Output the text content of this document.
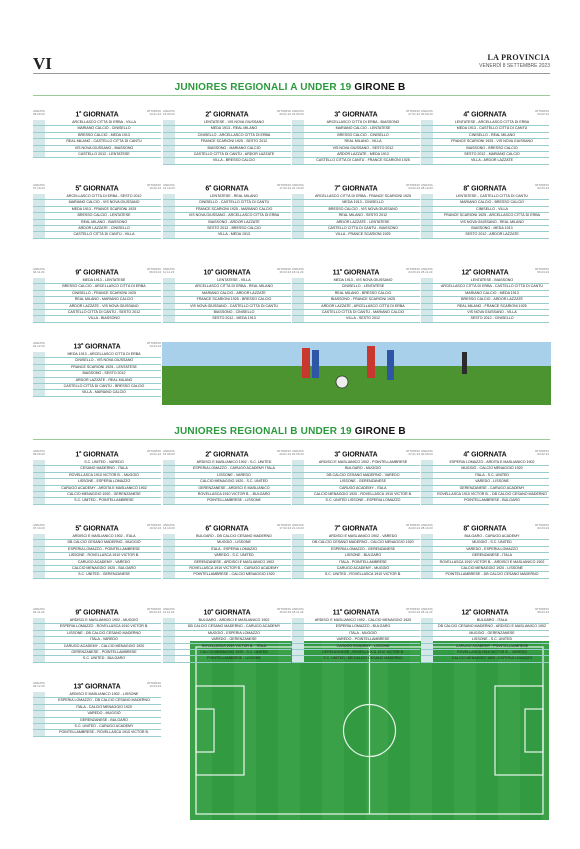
VI	LA PROVINCIA
VENERDÌ 8 SETTEMBRE 2023
JUNIORES REGIONALI A UNDER 19 GIRONE B
JUNIORES REGIONALI B UNDER 19 GIRONE B
ANDATA
09.09.23	1$^a$ GIORNATA
RITORNO
13.01.24
ARCELLASCO CITTÀ DI ERBA - VILLA
MARIANO CALCIO - CINISELLO
BRESSO CALCIO - MEDA 1913
REAL MILANO - CASTELLO CITTÀ DI CANTÙ
VIS NOVA GIUSSANO - BIASSONO
CASTELLO 2012 - LENTATESE
ANDATA
16.09.23	2$^a$ GIORNATA
RITORNO
20.01.24
LENTATESE - VIS NOVA GIUSSANO
MEDA 1913 - REAL MILANO
CINISELLO - ARCELLASCO CITTÀ DI ERBA
FRANCE SCARIONI 1925 - SESTO 2012
BIASSONO - MARIANO CALCIO
CASTELLO CITTÀ DI CANTÙ - ARDOR LAZZATE
VILLA - BRESSO CALCIO
ANDATA
23.09.23	3$^a$ GIORNATA
RITORNO
27.01.24
ARCELLASCO CITTÀ DI ERBA - BIASSONO
MARIANO CALCIO - LENTATESE
BRESSO CALCIO - CINISELLO
REAL MILANO - VILLA
VIS NOVA GIUSSANO - SESTO 2012
ARDOR LAZZATE - MEDA 1913
CASTELLO CITTÀ DI CANTÙ - FRANCE SCARIONI 1925
ANDATA
30.09.23	4$^a$ GIORNATA
RITORNO
03.02.24
LENTATESE - ARCELLASCO CITTÀ DI ERBA
MEDA 1913 - CASTELLO CITTÀ DI CANTÙ
CINISELLO - REAL MILANO
FRANCE SCARIONI 1925 - VIS NOVA GIUSSANO
BIASSONO - BRESSO CALCIO
SESTO 2012 - MARIANO CALCIO
VILLA - ARDOR LAZZATE
ANDATA
07.10.23	5$^a$ GIORNATA
RITORNO
10.02.24
ARCELLASCO CITTÀ DI ERBA - SESTO 2012
MARIANO CALCIO - VIS NOVA GIUSSANO
MEDA 1913 - FRANCE SCARIONI 1925
BRESSO CALCIO - LENTATESE
REAL MILANO - BIASSONO
ARDOR LAZZATE - CINISELLO
CASTELLO CITTÀ DI CANTÙ - VILLA
ANDATA
14.10.23	6$^a$ GIORNATA
RITORNO
17.02.24
LENTATESE - REAL MILANO
CINISELLO - CASTELLO CITTÀ DI CANTÙ
FRANCE SCARIONI 1925 - MARIANO CALCIO
VIS NOVA GIUSSANO - ARCELLASCO CITTÀ DI ERBA
BIASSONO - ARDOR LAZZATE
SESTO 2012 - BRESSO CALCIO
VILLA - MEDA 1913
ANDATA
21.10.23	7$^a$ GIORNATA
RITORNO
24.02.24
ARCELLASCO CITTÀ DI ERBA - FRANCE SCARIONI 1925
MEDA 1913 - CINISELLO
BRESSO CALCIO - VIS NOVA GIUSSANO
REAL MILANO - SESTO 2012
ARDOR LAZZATE - LENTATESE
CASTELLO CITTÀ DI CANTÙ - BIASSONO
VILLA - FRANCE SCARIONI 1925
ANDATA
28.10.23	8$^a$ GIORNATA
RITORNO
02.03.24
LENTATESE - CASTELLO CITTÀ DI CANTÙ
MARIANO CALCIO - BRESSO CALCIO
CINISELLO - VILLA
FRANCE SCARIONI 1925 - ARCELLASCO CITTÀ DI ERBA
VIS NOVA GIUSSANO - REAL MILANO
BIASSONO - MEDA 1913
SESTO 2012 - ARDOR LAZZATE
ANDATA
04.11.23	9$^a$ GIORNATA
RITORNO
09.03.24
MEDA 1913 - LENTATESE
BRESSO CALCIO - ARCELLASCO CITTÀ DI ERBA
CINISELLO - FRANCE SCARIONI 1925
REAL MILANO - MARIANO CALCIO
ARDOR LAZZATE - VIS NOVA GIUSSANO
CASTELLO CITTÀ DI CANTÙ - SESTO 2012
VILLA - BIASSONO
ANDATA
11.11.23	10$^a$ GIORNATA
RITORNO
16.03.24
LENTATESE - VILLA
ARCELLASCO CITTÀ DI ERBA - REAL MILANO
MARIANO CALCIO - ARDOR LAZZATE
FRANCE SCARIONI 1925 - BRESSO CALCIO
VIS NOVA GIUSSANO - CASTELLO CITTÀ DI CANTÙ
BIASSONO - CINISELLO
SESTO 2012 - MEDA 1913
ANDATA
18.11.23	11$^a$ GIORNATA
RITORNO
23.03.24
MEDA 1913 - VIS NOVA GIUSSANO
CINISELLO - LENTATESE
REAL MILANO - BRESSO CALCIO
BIASSONO - FRANCE SCARIONI 1925
ARDOR LAZZATE - ARCELLASCO CITTÀ DI ERBA
CASTELLO CITTÀ DI CANTÙ - MARIANO CALCIO
VILLA - SESTO 2012
ANDATA
25.11.23	12$^a$ GIORNATA
RITORNO
06.04.24
LENTATESE - BIASSONO
ARCELLASCO CITTÀ DI ERBA - CASTELLO CITTÀ DI CANTÙ
MARIANO CALCIO - MEDA 1913
BRESSO CALCIO - ARDOR LAZZATE
REAL MILANO - FRANCE SCARIONI 1925
VIS NOVA GIUSSANO - VILLA
SESTO 2012 - CINISELLO
ANDATA
02.12.23	13$^a$ GIORNATA
RITORNO
13.04.24
MEDA 1913 - ARCELLASCO CITTÀ DI ERBA
CINISELLO - VIS NOVA GIUSSANO
FRANCE SCARIONI 1925 - LENTATESE
BIASSONO - SESTO 2012
ARDOR LAZZATE - REAL MILANO
CASTELLO CITTÀ DI CANTÙ - BRESSO CALCIO
VILLA - MARIANO CALCIO
ANDATA
09.09.23	1$^a$ GIORNATA
RITORNO
13.01.24
S.C. UNITED - VAREDO
CESANO MADERNO - ITALA
ROVELLASCA 1910 VICTOR B. - MUGGIÒ
LISSONE - ESPERIA LOMAZZO
CARUGO ACADEMY - ARDITA E MASLIANICO 1902
CALCIO MENAGGIO 1920 - GERENZANESE
S.C. UNITED - POINTELLAMBRESE
ANDATA
16.09.23	2$^a$ GIORNATA
RITORNO
20.01.24
ARDISCI E MASLIANICO 1902 - S.C. UNITED
ESPERIA LOMAZZO - CARUGO ACADEMY ITALA
LISSONE - VAREDO
CALCIO MENAGGIO 1920 - S.C. UNITED
GERENZANESE - ARDISCI E MASLIANICO
ROVELLASCA 1910 VICTOR B. - BULGARO
POINTELLAMBRESE - LISSONE
ANDATA
23.09.23	3$^a$ GIORNATA
RITORNO
27.01.24
ARDISCI E MASLIANICO 1902 - POINTELLAMBRESE
BULGARO - MUGGIÒ
DB CALCIO CESANO MADERNO - VAREDO
LISSONE - GERENZANESE
CARUGO ACADEMY - ITALA
CALCIO MENAGGIO 1920 - ROVELLASCA 1910 VICTOR B.
S.C. UNITED LISSONE - ESPERIA LOMAZZO
ANDATA
30.09.23	4$^a$ GIORNATA
RITORNO
03.02.24
ESPERIA LOMAZZO - ARDITA E MASLIANICO 1902
MUGGIÒ - CALCIO MENAGGIO 1920
ITALA - S.C. UNITED
VAREDO - LISSONE
GERENZANESE - CARUGO ACADEMY
ROVELLASCA 1910 VICTOR B. - DB CALCIO CESANO MADERNO
POINTELLAMBRESE - BULGARO
ANDATA
07.10.23	5$^a$ GIORNATA
RITORNO
10.02.24
ARDISCI E MASLIANICO 1902 - ITALA
DB CALCIO CESANO MADERNO - MUGGIÒ
ESPERIA LOMAZZO - POINTELLAMBRESE
LISSONE - ROVELLASCA 1910 VICTOR B.
CARUGO ACADEMY - VAREDO
CALCIO MENAGGIO 1920 - BULGARO
S.C. UNITED - GERENZANESE
ANDATA
14.10.23	6$^a$ GIORNATA
RITORNO
17.02.24
BULGARO - DB CALCIO CESANO MADERNO
MUGGIÒ - LISSONE
ITALA - ESPERIA LOMAZZO
VAREDO - S.C. UNITED
GERENZANESE - ARDISCI E MASLIANICO 1902
ROVELLASCA 1910 VICTOR B. - CARUGO ACADEMY
POINTELLAMBRESE - CALCIO MENAGGIO 1920
ANDATA
21.10.23	7$^a$ GIORNATA
RITORNO
24.02.24
ARDISCI E MASLIANICO 1902 - VAREDO
DB CALCIO CESANO MADERNO - CALCIO MENAGGIO 1920
ESPERIA LOMAZZO - GERENZANESE
LISSONE - BULGARO
ITALA - POINTELLAMBRESE
CARUGO ACADEMY - MUGGIÒ
S.C. UNITED - ROVELLASCA 1910 VICTOR B.
ANDATA
28.10.23	8$^a$ GIORNATA
RITORNO
02.03.24
BULGARO - CARUGO ACADEMY
MUGGIÒ - S.C. UNITED
VAREDO - ESPERIA LOMAZZO
GERENZANESE - ITALA
ROVELLASCA 1910 VICTOR B. - ARDISCI E MASLIANICO 1902
CALCIO MENAGGIO 1920 - LISSONE
POINTELLAMBRESE - DB CALCIO CESANO MADERNO
ANDATA
04.11.23	9$^a$ GIORNATA
RITORNO
09.03.24
ARDISCI E MASLIANICO 1902 - MUGGIÒ
ESPERIA LOMAZZO - ROVELLASCA 1910 VICTOR B.
LISSONE - DB CALCIO CESANO MADERNO
ITALA - VAREDO
CARUGO ACADEMY - CALCIO MENAGGIO 1920
GERENZANESE - POINTELLAMBRESE
S.C. UNITED - BULGARO
ANDATA
11.11.23	10$^a$ GIORNATA
RITORNO
16.03.24
BULGARO - ARDISCI E MASLIANICO 1902
DB CALCIO CESANO MADERNO - CARUGO ACADEMY
MUGGIÒ - ESPERIA LOMAZZO
VAREDO - GERENZANESE
ROVELLASCA 1910 VICTOR B. - ITALA
CALCIO MENAGGIO 1920 - S.C. UNITED
POINTELLAMBRESE - LISSONE
ANDATA
18.11.23	11$^a$ GIORNATA
RITORNO
23.03.24
ARDISCI E MASLIANICO 1902 - CALCIO MENAGGIO 1920
ESPERIA LOMAZZO - BULGARO
ITALA - MUGGIÒ
VAREDO - POINTELLAMBRESE
CARUGO ACADEMY - LISSONE
GERENZANESE - ROVELLASCA 1910 VICTOR B.
S.C. UNITED - DB CALCIO CESANO MADERNO
ANDATA
25.11.23	12$^a$ GIORNATA
RITORNO
06.04.24
BULGARO - ITALA
DB CALCIO CESANO MADERNO - ARDISCI E MASLIANICO 1902
MUGGIÒ - GERENZANESE
LISSONE - S.C. UNITED
CARUGO ACADEMY - POINTELLAMBRESE
ROVELLASCA 1910 VICTOR B. - VAREDO
CALCIO MENAGGIO 1920 - ESPERIA LOMAZZO
ANDATA
02.12.23	13$^a$ GIORNATA
RITORNO
13.04.24
ARDISCI E MASLIANICO 1902 - LISSONE
ESPERIA LOMAZZO - DB CALCIO CESANO MADERNO
ITALA - CALCIO MENAGGIO 1920
VAREDO - MUGGIÒ
GERENZANESE - BULGARO
S.C. UNITED - CARUGO ACADEMY
POINTELLAMBRESE - ROVELLASCA 1910 VICTOR B.
